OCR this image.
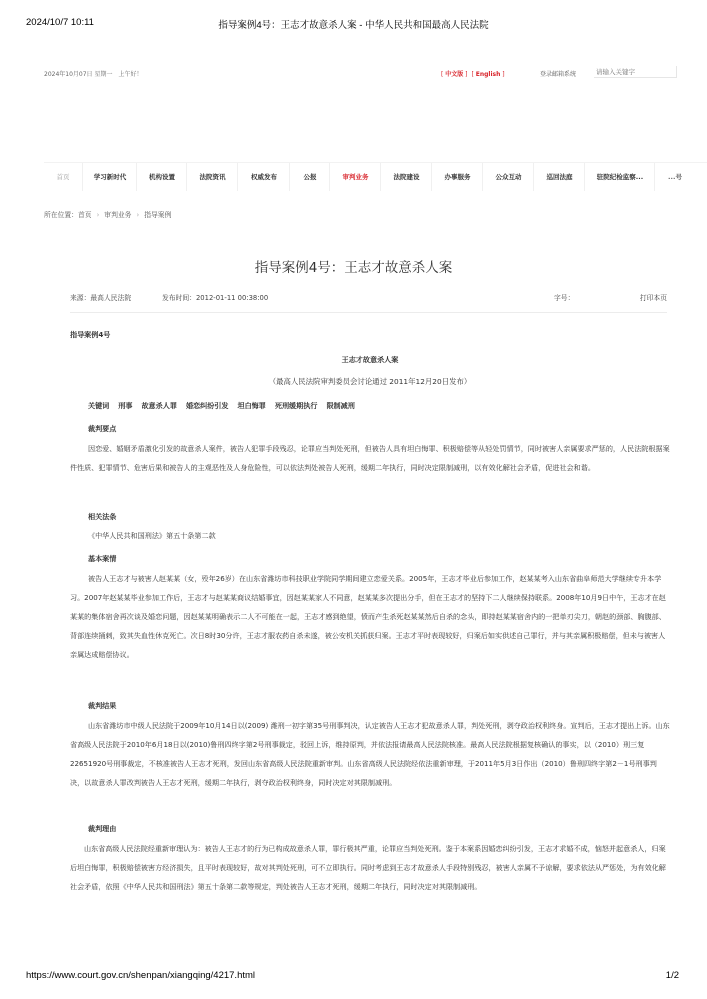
2024/10/7 10:11	指导案例4号：王志才故意杀人案 - 中华人民共和国最高人民法院
2024年10月07日 星期一　上午好！	[ 中文版 ]  [ English ]	登录邮箱系统
请输入关键字
首页	学习新时代	机构设置	法院资讯	权威发布	公报	审判业务	法院建设	办事服务	公众互动	巡回法庭	驻院纪检监察...	...号
所在位置：首页 › 审判业务 › 指导案例
指导案例4号：王志才故意杀人案
来源：最高人民法院	发布时间：2012-01-11 00:38:00	字号：	打印本页
指导案例4号
王志才故意杀人案
（最高人民法院审判委员会讨论通过 2011年12月20日发布）
关键词 刑事 故意杀人罪 婚恋纠纷引发 坦白悔罪 死刑缓期执行 限制减刑
裁判要点
因恋爱、婚姻矛盾激化引发的故意杀人案件，被告人犯罪手段残忍，论罪应当判处死刑，但被告人具有坦白悔罪、积极赔偿等从轻处罚情节，同时被害人亲属要求严惩的，人民法院根据案件性质、犯罪情节、危害后果和被告人的主观恶性及人身危险性，可以依法判处被告人死刑，缓期二年执行，同时决定限制减刑，以有效化解社会矛盾，促进社会和谐。
相关法条
《中华人民共和国刑法》第五十条第二款
基本案情
被告人王志才与被害人赵某某（女，殁年26岁）在山东省潍坊市科技职业学院同学期间建立恋爱关系。2005年，王志才毕业后参加工作，赵某某考入山东省曲阜师范大学继续专升本学习。2007年赵某某毕业参加工作后，王志才与赵某某商议结婚事宜，因赵某某家人不同意，赵某某多次提出分手，但在王志才的坚持下二人继续保持联系。2008年10月9日中午，王志才在赵某某的集体宿舍再次谈及婚恋问题，因赵某某明确表示二人不可能在一起，王志才感到绝望，愤而产生杀死赵某某然后自杀的念头，即持赵某某宿舍内的一把单刃尖刀，朝赵的颈部、胸腹部、背部连续捅刺，致其失血性休克死亡。次日8时30分许，王志才服农药自杀未遂，被公安机关抓获归案。王志才平时表现较好，归案后如实供述自己罪行，并与其亲属积极赔偿，但未与被害人亲属达成赔偿协议。
裁判结果
山东省潍坊市中级人民法院于2009年10月14日以(2009) 潍刑一初字第35号刑事判决，认定被告人王志才犯故意杀人罪，判处死刑，剥夺政治权利终身。宣判后，王志才提出上诉。山东省高级人民法院于2010年6月18日以(2010)鲁刑四终字第2号刑事裁定，驳回上诉，维持原判，并依法报请最高人民法院核准。最高人民法院根据复核确认的事实，以（2010）刑三复22651920号刑事裁定，不核准被告人王志才死刑，发回山东省高级人民法院重新审判。山东省高级人民法院经依法重新审理，于2011年5月3日作出（2010）鲁刑四终字第2－1号刑事判决，以故意杀人罪改判被告人王志才死刑，缓期二年执行，剥夺政治权利终身，同时决定对其限制减刑。
裁判理由
山东省高级人民法院经重新审理认为：被告人王志才的行为已构成故意杀人罪，罪行极其严重，论罪应当判处死刑。鉴于本案系因婚恋纠纷引发，王志才求婚不成，恼怒并起意杀人，归案后坦白悔罪，积极赔偿被害方经济损失，且平时表现较好，故对其判处死刑，可不立即执行。同时考虑到王志才故意杀人手段特别残忍，被害人亲属不予谅解，要求依法从严惩处，为有效化解社会矛盾，依照《中华人民共和国刑法》第五十条第二款等规定，判处被告人王志才死刑，缓期二年执行，同时决定对其限制减刑。
https://www.court.gov.cn/shenpan/xiangqing/4217.html	1/2
